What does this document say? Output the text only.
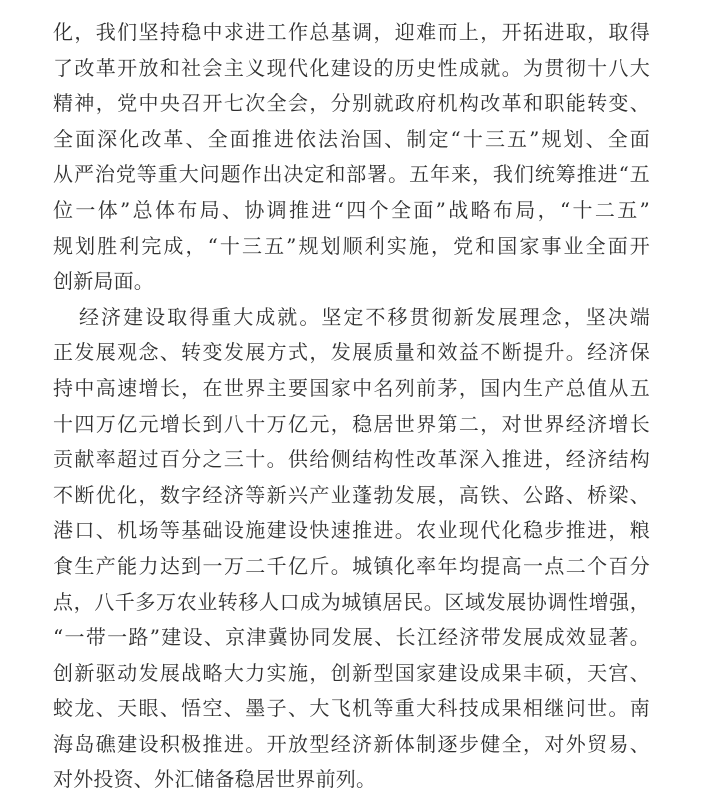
化，我们坚持稳中求进工作总基调，迎难而上，开拓进取，取得
了改革开放和社会主义现代化建设的历史性成就。为贯彻十八大
精神，党中央召开七次全会，分别就政府机构改革和职能转变、
全面深化改革、全面推进依法治国、制定“十三五”规划、全面
从严治党等重大问题作出决定和部署。五年来，我们统筹推进“五
位一体”总体布局、协调推进“四个全面”战略布局，“十二五”
规划胜利完成，“十三五”规划顺利实施，党和国家事业全面开
创新局面。
经济建设取得重大成就。坚定不移贯彻新发展理念，坚决端
正发展观念、转变发展方式，发展质量和效益不断提升。经济保
持中高速增长，在世界主要国家中名列前茅，国内生产总值从五
十四万亿元增长到八十万亿元，稳居世界第二，对世界经济增长
贡献率超过百分之三十。供给侧结构性改革深入推进，经济结构
不断优化，数字经济等新兴产业蓬勃发展，高铁、公路、桥梁、
港口、机场等基础设施建设快速推进。农业现代化稳步推进，粮
食生产能力达到一万二千亿斤。城镇化率年均提高一点二个百分
点，八千多万农业转移人口成为城镇居民。区域发展协调性增强，
“一带一路”建设、京津冀协同发展、长江经济带发展成效显著。
创新驱动发展战略大力实施，创新型国家建设成果丰硕，天宫、
蛟龙、天眼、悟空、墨子、大飞机等重大科技成果相继问世。南
海岛礁建设积极推进。开放型经济新体制逐步健全，对外贸易、
对外投资、外汇储备稳居世界前列。
